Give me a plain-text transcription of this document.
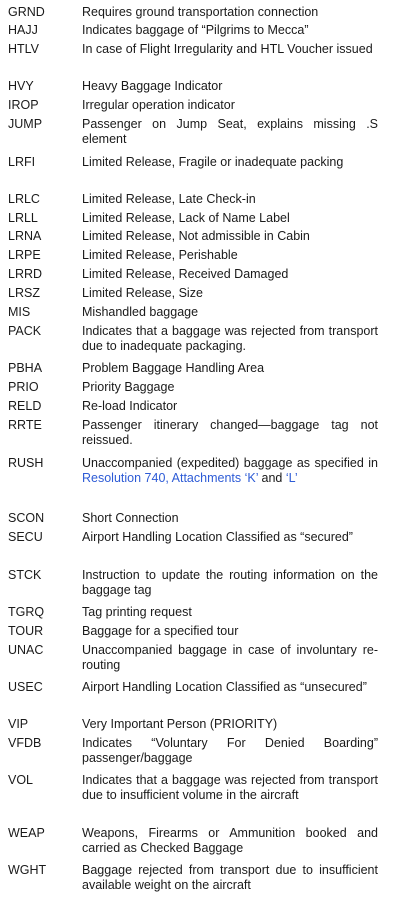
GRND	Requires ground transportation connection
HAJJ	Indicates baggage of “Pilgrims to Mecca”
HTLV	In case of Flight Irregularity and HTL Voucher issued
HVY	Heavy Baggage Indicator
IROP	Irregular operation indicator
JUMP	Passenger on Jump Seat, explains missing .S element
LRFI	Limited Release, Fragile or inadequate packing
LRLC	Limited Release, Late Check-in
LRLL	Limited Release, Lack of Name Label
LRNA	Limited Release, Not admissible in Cabin
LRPE	Limited Release, Perishable
LRRD	Limited Release, Received Damaged
LRSZ	Limited Release, Size
MIS	Mishandled baggage
PACK	Indicates that a baggage was rejected from transport due to inadequate packaging.
PBHA	Problem Baggage Handling Area
PRIO	Priority Baggage
RELD	Re-load Indicator
RRTE	Passenger itinerary changed—baggage tag not reissued.
RUSH	Unaccompanied (expedited) baggage as specified in Resolution 740, Attachments ‘K’ and ‘L’
SCON	Short Connection
SECU	Airport Handling Location Classified as “secured”
STCK	Instruction to update the routing information on the baggage tag
TGRQ	Tag printing request
TOUR	Baggage for a specified tour
UNAC	Unaccompanied baggage in case of involuntary re-routing
USEC	Airport Handling Location Classified as “unsecured”
VIP	Very Important Person (PRIORITY)
VFDB	Indicates “Voluntary For Denied Boarding” passenger/baggage
VOL	Indicates that a baggage was rejected from transport due to insufficient volume in the aircraft
WEAP	Weapons, Firearms or Ammunition booked and carried as Checked Baggage
WGHT	Baggage rejected from transport due to insufficient available weight on the aircraft
